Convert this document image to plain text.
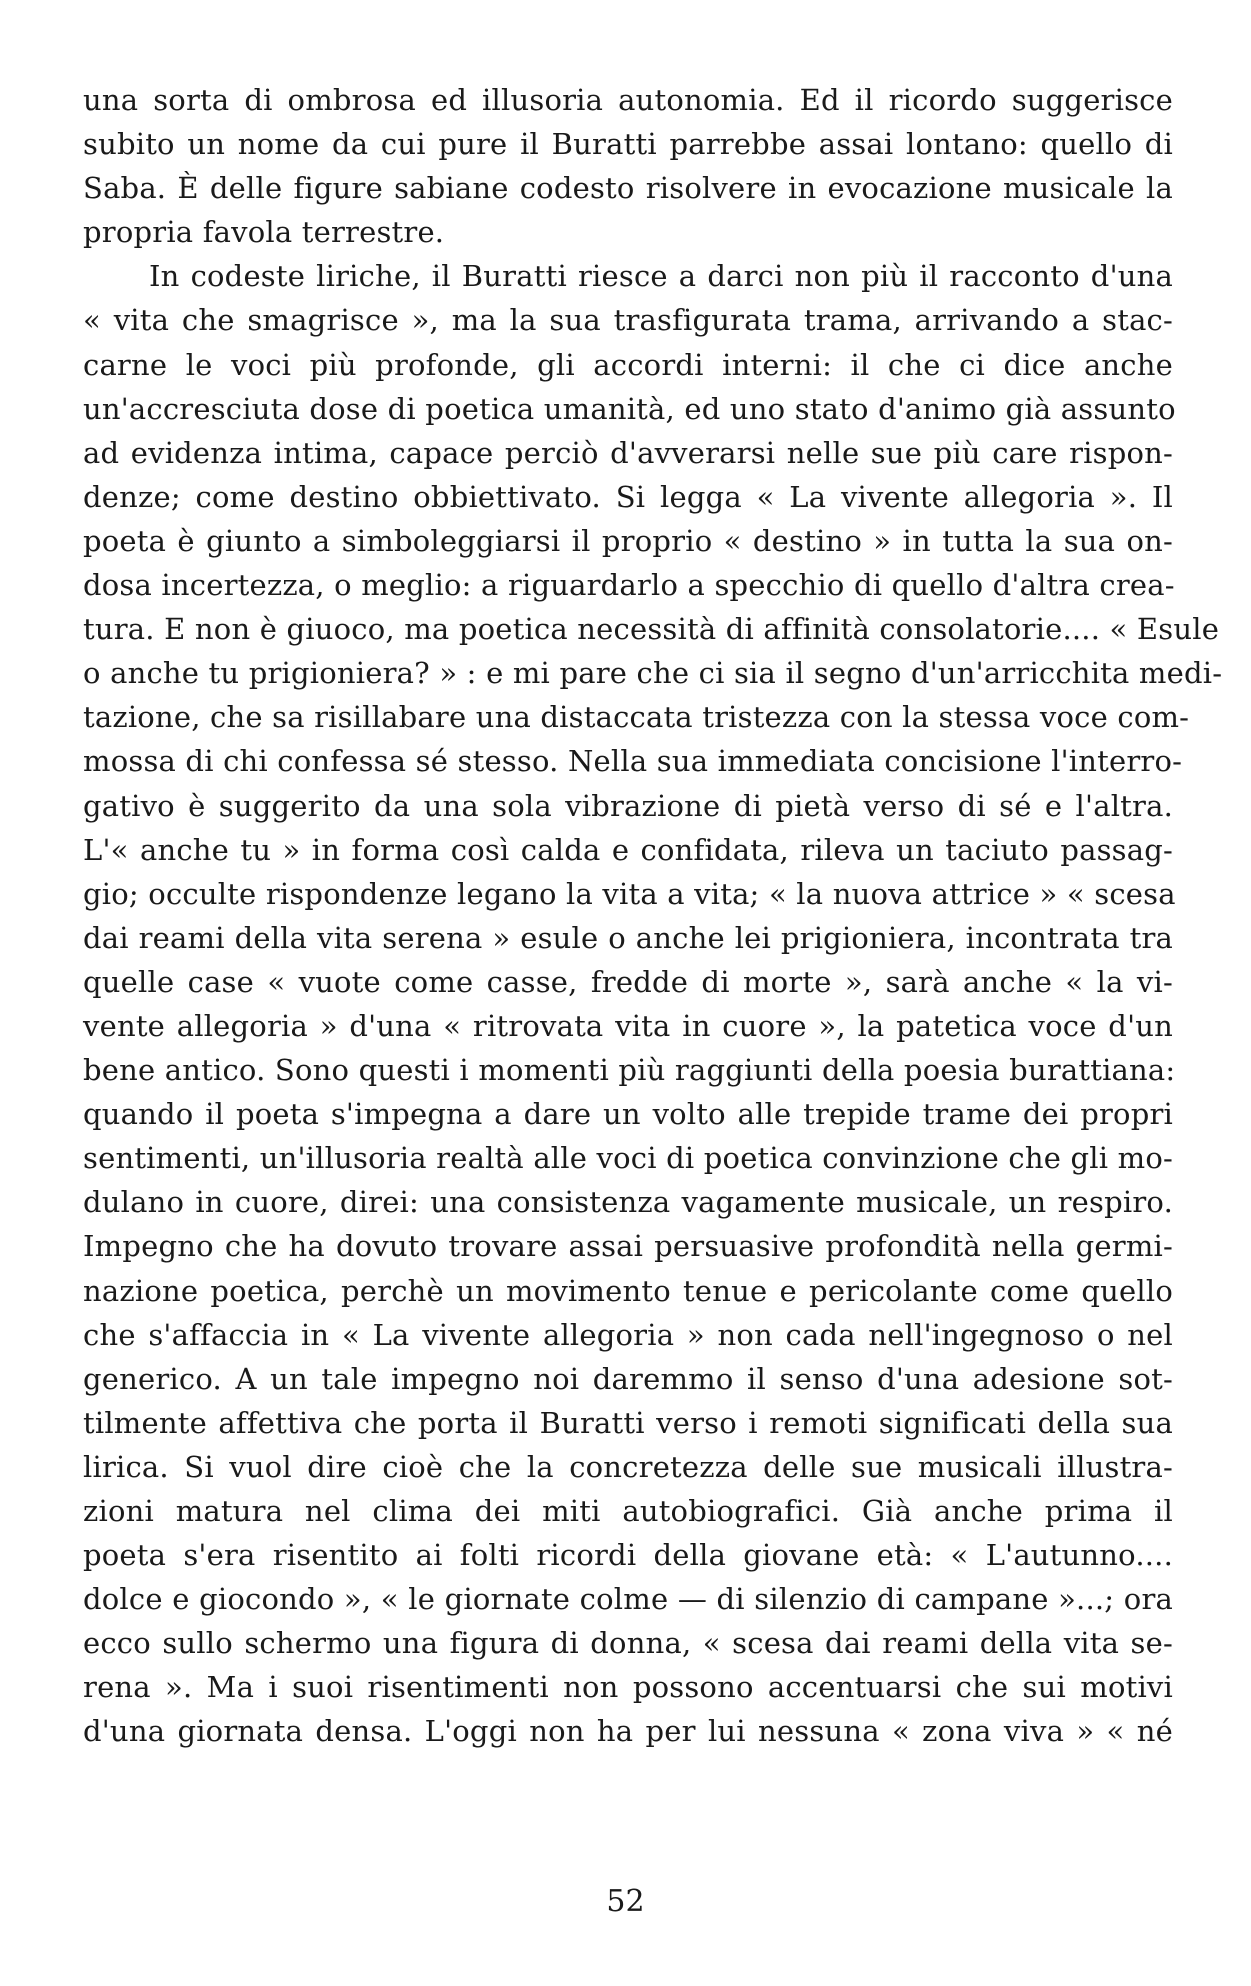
una sorta di ombrosa ed illusoria autonomia. Ed il ricordo suggerisce
subito un nome da cui pure il Buratti parrebbe assai lontano: quello di
Saba. È delle figure sabiane codesto risolvere in evocazione musicale la
propria favola terrestre.
In codeste liriche, il Buratti riesce a darci non più il racconto d'una
« vita che smagrisce », ma la sua trasfigurata trama, arrivando a stac-
carne le voci più profonde, gli accordi interni: il che ci dice anche
un'accresciuta dose di poetica umanità, ed uno stato d'animo già assunto
ad evidenza intima, capace perciò d'avverarsi nelle sue più care rispon-
denze; come destino obbiettivato. Si legga « La vivente allegoria ». Il
poeta è giunto a simboleggiarsi il proprio « destino » in tutta la sua on-
dosa incertezza, o meglio: a riguardarlo a specchio di quello d'altra crea-
tura. E non è giuoco, ma poetica necessità di affinità consolatorie.... « Esule
o anche tu prigioniera? » : e mi pare che ci sia il segno d'un'arricchita medi-
tazione, che sa risillabare una distaccata tristezza con la stessa voce com-
mossa di chi confessa sé stesso. Nella sua immediata concisione l'interro-
gativo è suggerito da una sola vibrazione di pietà verso di sé e l'altra.
L'« anche tu » in forma così calda e confidata, rileva un taciuto passag-
gio; occulte rispondenze legano la vita a vita; « la nuova attrice » « scesa
dai reami della vita serena » esule o anche lei prigioniera, incontrata tra
quelle case « vuote come casse, fredde di morte », sarà anche « la vi-
vente allegoria » d'una « ritrovata vita in cuore », la patetica voce d'un
bene antico. Sono questi i momenti più raggiunti della poesia burattiana:
quando il poeta s'impegna a dare un volto alle trepide trame dei propri
sentimenti, un'illusoria realtà alle voci di poetica convinzione che gli mo-
dulano in cuore, direi: una consistenza vagamente musicale, un respiro.
Impegno che ha dovuto trovare assai persuasive profondità nella germi-
nazione poetica, perchè un movimento tenue e pericolante come quello
che s'affaccia in « La vivente allegoria » non cada nell'ingegnoso o nel
generico. A un tale impegno noi daremmo il senso d'una adesione sot-
tilmente affettiva che porta il Buratti verso i remoti significati della sua
lirica. Si vuol dire cioè che la concretezza delle sue musicali illustra-
zioni matura nel clima dei miti autobiografici. Già anche prima il
poeta s'era risentito ai folti ricordi della giovane età: « L'autunno....
dolce e giocondo », « le giornate colme — di silenzio di campane »...; ora
ecco sullo schermo una figura di donna, « scesa dai reami della vita se-
rena ». Ma i suoi risentimenti non possono accentuarsi che sui motivi
d'una giornata densa. L'oggi non ha per lui nessuna « zona viva » « né
52
